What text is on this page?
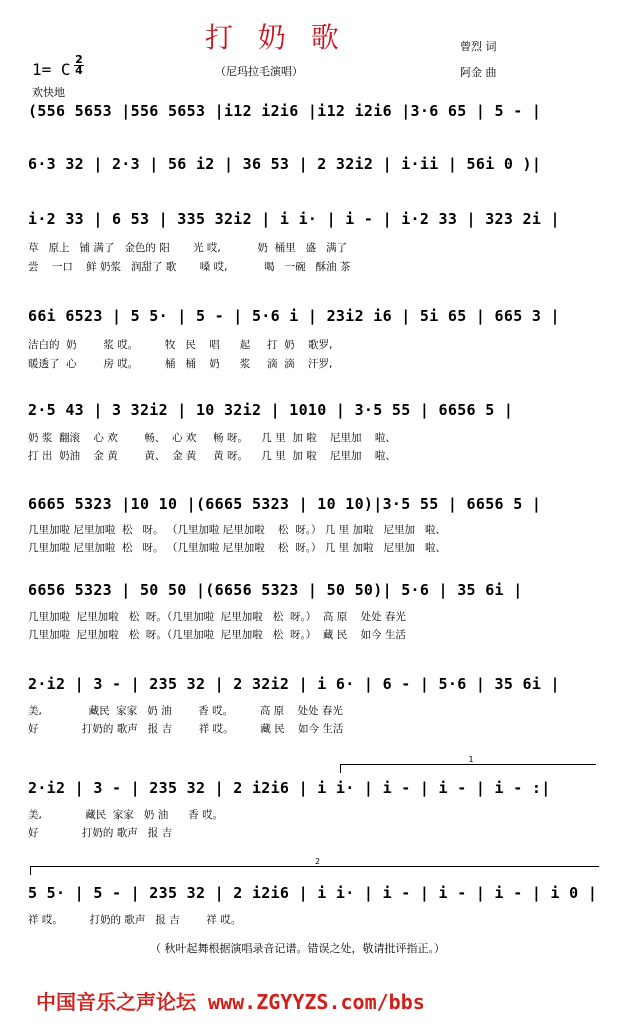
打 奶 歌
（尼玛拉毛演唱）
曾烈 词
阿金 曲
1= C
2
4
欢快地
(556 5653 |556 5653 |i12 i2i6 |i12 i2i6 |3·6 65 | 5 - |
6·3 32 | 2·3 | 56 i2 | 36 53 | 2 32i2 | i·ii | 56i 0 )|
i·2 33 | 6 53 | 335 32i2 | i i· | i - | i·2 33 | 323 2i |
草   原上   铺 满了   金色的 阳       光 哎,           奶  桶里   盛   满了
尝    一口    鲜 奶浆   润甜了 歌       嗓 哎,           喝   一碗   酥油 茶
66i 6523 | 5 5· | 5 - | 5·6 i | 23i2 i6 | 5i 65 | 665 3 |
洁白的  奶        浆 哎。        牧   民    唱      起     打  奶    歌罗,
暖透了  心        房 哎。        桶   桶    奶      浆     滴  滴    汗罗,
2·5 43 | 3 32i2 | 10 32i2 | 1010 | 3·5 55 | 6656 5 |
奶 浆  翻滚    心 欢        畅、  心 欢     畅 呀。    几 里  加 啦    尼里加    啦、
打 出  奶油    金 黄        黄、  金 黄     黄 呀。    几 里  加 啦    尼里加    啦、
6665 5323 |10 10 |(6665 5323 | 10 10)|3·5 55 | 6656 5 |
几里加啦 尼里加啦  松   呀。 （几里加啦 尼里加啦    松  呀。） 几 里 加啦   尼里加   啦、
几里加啦 尼里加啦  松   呀。 （几里加啦 尼里加啦    松  呀。） 几 里 加啦   尼里加   啦、
6656 5323 | 50 50 |(6656 5323 | 50 50)| 5·6 | 35 6i |
几里加啦  尼里加啦   松  呀。（几里加啦  尼里加啦   松  呀。）  高 原    处处 春光
几里加啦  尼里加啦   松  呀。（几里加啦  尼里加啦   松  呀。）  藏 民    如今 生活
2·i2 | 3 - | 235 32 | 2 32i2 | i 6· | 6 - | 5·6 | 35 6i |
美,              藏民  家家   奶 油        香 哎。        高 原    处处 春光
好             打奶的 歌声   报 吉        祥 哎。        藏 民    如今 生活
1
2·i2 | 3 - | 235 32 | 2 i2i6 | i i· | i - | i - | i - :|
美,             藏民  家家   奶 油      香 哎。
好             打奶的 歌声   报 吉
2
5 5· | 5 - | 235 32 | 2 i2i6 | i i· | i - | i - | i - | i 0 |
祥 哎。        打奶的 歌声   报 吉        祥 哎。
（ 秋叶起舞根据演唱录音记谱。错误之处，敬请批评指正。）
中国音乐之声论坛 www.ZGYYZS.com/bbs
